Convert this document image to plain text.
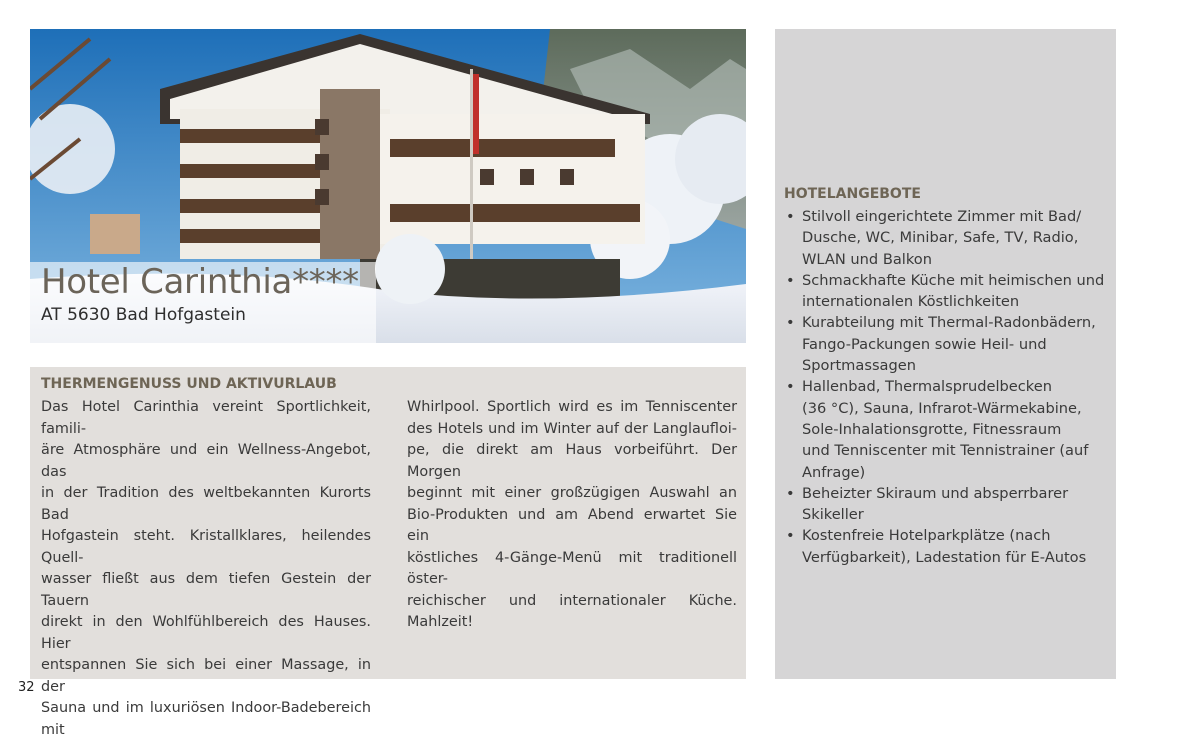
Hotel Carinthia****
AT 5630 Bad Hofgastein
THERMENGENUSS UND AKTIVURLAUB
Das Hotel Carinthia vereint Sportlichkeit, famili-
äre Atmosphäre und ein Wellness-Angebot, das
in der Tradition des weltbekannten Kurorts Bad
Hofgastein steht. Kristallklares, heilendes Quell-
wasser fließt aus dem tiefen Gestein der Tauern
direkt in den Wohlfühlbereich des Hauses. Hier
entspannen Sie sich bei einer Massage, in der
Sauna und im luxuriösen Indoor-Badebereich mit
Whirlpool. Sportlich wird es im Tenniscenter
des Hotels und im Winter auf der Langlaufloi-
pe, die direkt am Haus vorbeiführt. Der Morgen
beginnt mit einer großzügigen Auswahl an
Bio-Produkten und am Abend erwartet Sie ein
köstliches 4-Gänge-Menü mit traditionell öster-
reichischer und internationaler Küche. Mahlzeit!
HOTELANGEBOTE
• Stilvoll eingerichtete Zimmer mit Bad/
Dusche, WC, Minibar, Safe, TV, Radio,
WLAN und Balkon
• Schmackhafte Küche mit heimischen und
internationalen Köstlichkeiten
• Kurabteilung mit Thermal-Radonbädern,
Fango-Packungen sowie Heil- und
Sportmassagen
• Hallenbad, Thermalsprudelbecken
(36 °C), Sauna, Infrarot-Wärmekabine,
Sole-Inhalationsgrotte, Fitnessraum
und Tenniscenter mit Tennistrainer (auf
Anfrage)
• Beheizter Skiraum und absperrbarer
Skikeller
• Kostenfreie Hotelparkplätze (nach
Verfügbarkeit), Ladestation für E-Autos
32
